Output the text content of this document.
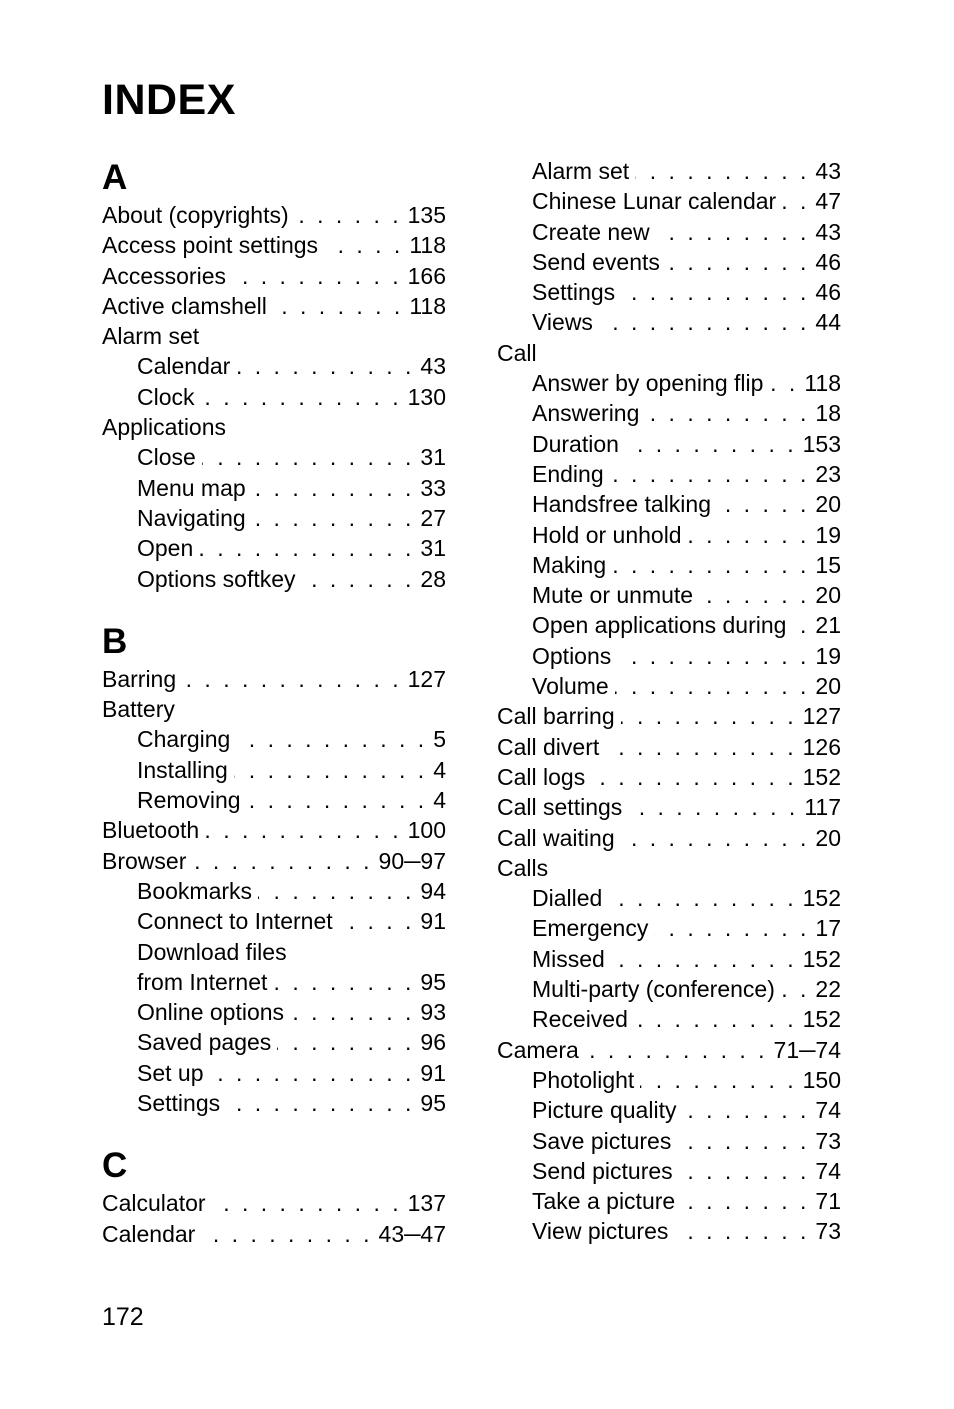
INDEX
A
About (copyrights) . . .	135
Access point settings . . .	118
Accessories . . .	166
Active clamshell . . .	118
Alarm set
Calendar . . .	43
Clock . . .	130
Applications
Close . . .	31
Menu map . . .	33
Navigating . . .	27
Open . . .	31
Options softkey . . .	28
B
Barring . . .	127
Battery
Charging . . .	5
Installing . . .	4
Removing . . .	4
Bluetooth . . .	100
Browser . . .	90─97
Bookmarks . . .	94
Connect to Internet . . .	91
Download files
from Internet . . .	95
Online options . . .	93
Saved pages . . .	96
Set up . . .	91
Settings . . .	95
C
Calculator . . .	137
Calendar . . .	43─47
Alarm set . . .	43
Chinese Lunar calendar . . . 47
Create new . . .	43
Send events . . .	46
Settings . . .	46
Views . . .	44
Call
Answer by opening flip . . . 118
Answering . . .	18
Duration . . .	153
Ending . . .	23
Handsfree talking . . .	20
Hold or unhold . . .	19
Making . . .	15
Mute or unmute . . .	20
Open applications during . . . 21
Options . . .	19
Volume . . .	20
Call barring . . .	127
Call divert . . .	126
Call logs . . .	152
Call settings . . .	117
Call waiting . . .	20
Calls
Dialled . . .	152
Emergency . . .	17
Missed . . .	152
Multi-party (conference) . . . 22
Received . . .	152
Camera . . .	71─74
Photolight . . .	150
Picture quality . . .	74
Save pictures . . .	73
Send pictures . . .	74
Take a picture . . .	71
View pictures . . .	73
172
